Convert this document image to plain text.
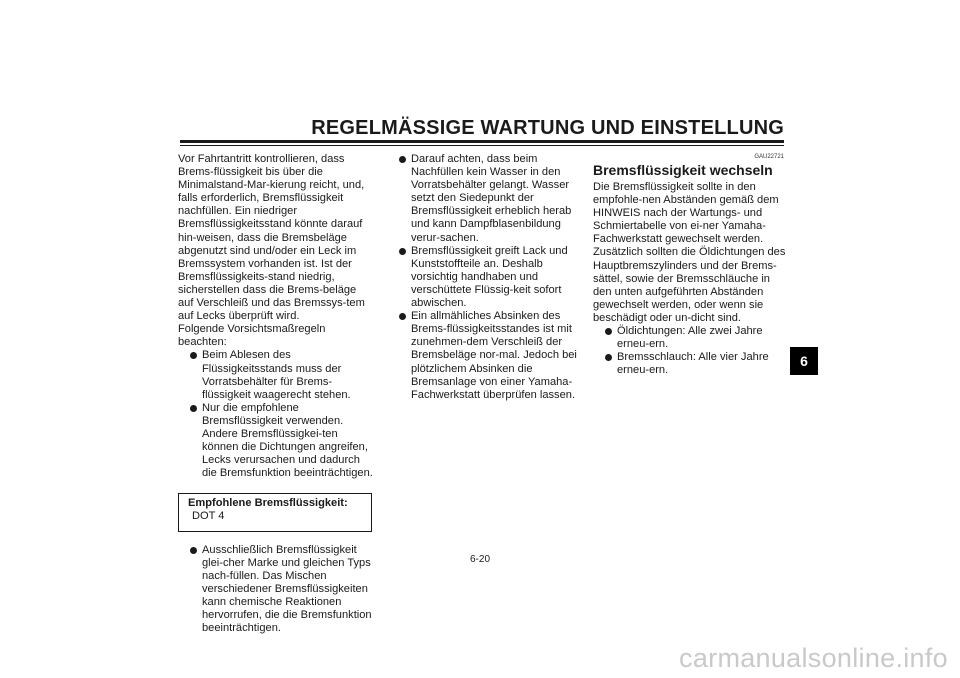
REGELMÄSSIGE WARTUNG UND EINSTELLUNG

Vor Fahrtantritt kontrollieren, dass Brems-flüssigkeit bis über die Minimalstand-Mar-kierung reicht, und, falls erforderlich, Bremsflüssigkeit nachfüllen. Ein niedriger Bremsflüssigkeitsstand könnte darauf hin-weisen, dass die Bremsbeläge abgenutzt sind und/oder ein Leck im Bremssystem vorhanden ist. Ist der Bremsflüssigkeits-stand niedrig, sicherstellen dass die Brems-beläge auf Verschleiß und das Bremssys-tem auf Lecks überprüft wird.

Folgende Vorsichtsmaßregeln beachten:

Beim Ablesen des Flüssigkeitsstands muss der Vorratsbehälter für Brems-flüssigkeit waagerecht stehen.

Nur die empfohlene Bremsflüssigkeit verwenden. Andere Bremsflüssigkei-ten können die Dichtungen angreifen, Lecks verursachen und dadurch die Bremsfunktion beeinträchtigen.

Empfohlene Bremsflüssigkeit:
DOT 4

Ausschließlich Bremsflüssigkeit glei-cher Marke und gleichen Typs nach-füllen. Das Mischen verschiedener Bremsflüssigkeiten kann chemische Reaktionen hervorrufen, die die Bremsfunktion beeinträchtigen.

Darauf achten, dass beim Nachfüllen kein Wasser in den Vorratsbehälter gelangt. Wasser setzt den Siedepunkt der Bremsflüssigkeit erheblich herab und kann Dampfblasenbildung verur-sachen.

Bremsflüssigkeit greift Lack und Kunststoffteile an. Deshalb vorsichtig handhaben und verschüttete Flüssig-keit sofort abwischen.

Ein allmähliches Absinken des Brems-flüssigkeitsstandes ist mit zunehmen-dem Verschleiß der Bremsbeläge nor-mal. Jedoch bei plötzlichem Absinken die Bremsanlage von einer Yamaha-Fachwerkstatt überprüfen lassen.

GAU22721
Bremsflüssigkeit wechseln

Die Bremsflüssigkeit sollte in den empfohle-nen Abständen gemäß dem HINWEIS nach der Wartungs- und Schmiertabelle von ei-ner Yamaha-Fachwerkstatt gewechselt werden. Zusätzlich sollten die Öldichtungen des Hauptbremszylinders und der Brems-sättel, sowie der Bremsschläuche in den unten aufgeführten Abständen gewechselt werden, oder wenn sie beschädigt oder un-dicht sind.

Öldichtungen: Alle zwei Jahre erneu-ern.

Bremsschlauch: Alle vier Jahre erneu-ern.

6
6-20
carmanualsonline.info
